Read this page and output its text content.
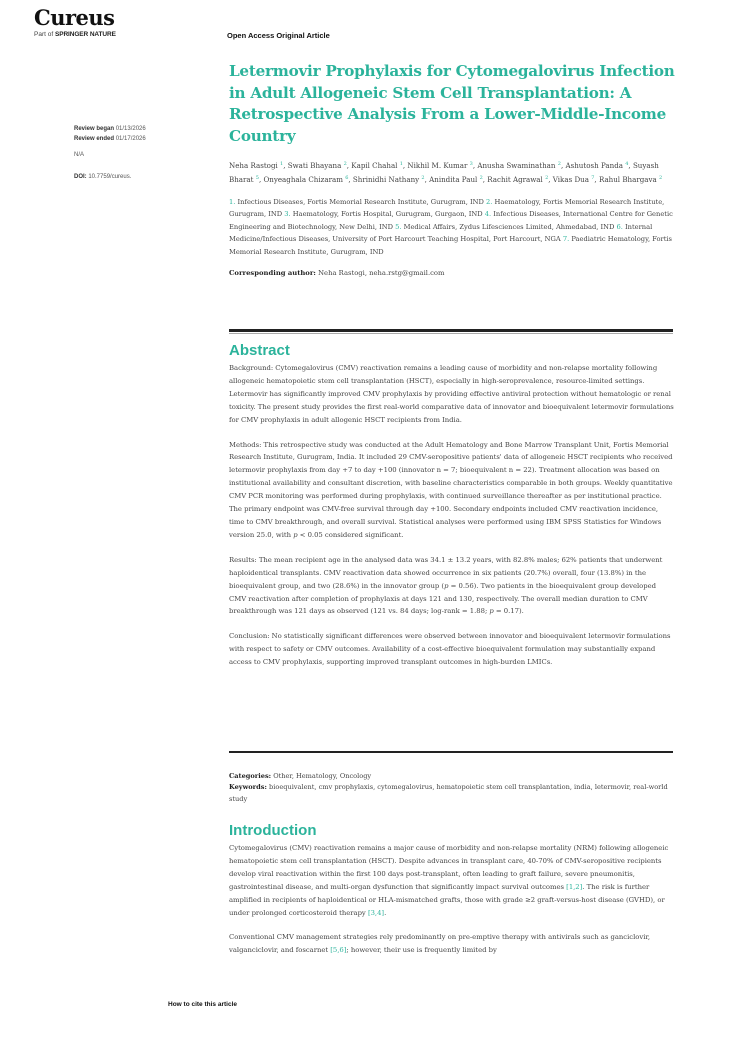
Cureus
Part of SPRINGER NATURE	Open Access Original Article
Review began 01/13/2026
Review ended 01/17/2026
N/A
DOI: 10.7759/cureus.
Letermovir Prophylaxis for Cytomegalovirus Infection in Adult Allogeneic Stem Cell Transplantation: A Retrospective Analysis From a Lower-Middle-Income Country
Neha Rastogi $^1$, Swati Bhayana $^2$, Kapil Chahal $^1$, Nikhil M. Kumar $^3$, Anusha Swaminathan $^2$, Ashutosh Panda $^4$, Suyash Bharat $^5$, Onyeaghala Chizaram $^6$, Shrinidhi Nathany $^2$, Anindita Paul $^2$, Rachit Agrawal $^2$, Vikas Dua $^7$, Rahul Bhargava $^2$
1. Infectious Diseases, Fortis Memorial Research Institute, Gurugram, IND 2. Haematology, Fortis Memorial Research Institute, Gurugram, IND 3. Haematology, Fortis Hospital, Gurugram, Gurgaon, IND 4. Infectious Diseases, International Centre for Genetic Engineering and Biotechnology, New Delhi, IND 5. Medical Affairs, Zydus Lifesciences Limited, Ahmedabad, IND 6. Internal Medicine/Infectious Diseases, University of Port Harcourt Teaching Hospital, Port Harcourt, NGA 7. Paediatric Hematology, Fortis Memorial Research Institute, Gurugram, IND
Corresponding author: Neha Rastogi, neha.rstg@gmail.com
Abstract

Background: Cytomegalovirus (CMV) reactivation remains a leading cause of morbidity and non-relapse mortality following allogeneic hematopoietic stem cell transplantation (HSCT), especially in high-seroprevalence, resource-limited settings. Letermovir has significantly improved CMV prophylaxis by providing effective antiviral protection without hematologic or renal toxicity. The present study provides the first real-world comparative data of innovator and bioequivalent letermovir formulations for CMV prophylaxis in adult allogenic HSCT recipients from India.

Methods: This retrospective study was conducted at the Adult Hematology and Bone Marrow Transplant Unit, Fortis Memorial Research Institute, Gurugram, India. It included 29 CMV-seropositive patients' data of allogeneic HSCT recipients who received letermovir prophylaxis from day +7 to day +100 (innovator n = 7; bioequivalent n = 22). Treatment allocation was based on institutional availability and consultant discretion, with baseline characteristics comparable in both groups. Weekly quantitative CMV PCR monitoring was performed during prophylaxis, with continued surveillance thereafter as per institutional practice. The primary endpoint was CMV-free survival through day +100. Secondary endpoints included CMV reactivation incidence, time to CMV breakthrough, and overall survival. Statistical analyses were performed using IBM SPSS Statistics for Windows version 25.0, with p < 0.05 considered significant.

Results: The mean recipient age in the analysed data was 34.1 ± 13.2 years, with 82.8% males; 62% patients that underwent haploidentical transplants. CMV reactivation data showed occurrence in six patients (20.7%) overall, four (13.8%) in the bioequivalent group, and two (28.6%) in the innovator group (p = 0.56). Two patients in the bioequivalent group developed CMV reactivation after completion of prophylaxis at days 121 and 130, respectively. The overall median duration to CMV breakthrough was 121 days as observed (121 vs. 84 days; log-rank = 1.88; p = 0.17).

Conclusion: No statistically significant differences were observed between innovator and bioequivalent letermovir formulations with respect to safety or CMV outcomes. Availability of a cost-effective bioequivalent formulation may substantially expand access to CMV prophylaxis, supporting improved transplant outcomes in high-burden LMICs.

Categories: Other, Hematology, Oncology
Keywords: bioequivalent, cmv prophylaxis, cytomegalovirus, hematopoietic stem cell transplantation, india, letermovir, real-world study
Introduction

Cytomegalovirus (CMV) reactivation remains a major cause of morbidity and non-relapse mortality (NRM) following allogeneic hematopoietic stem cell transplantation (HSCT). Despite advances in transplant care, 40-70% of CMV-seropositive recipients develop viral reactivation within the first 100 days post-transplant, often leading to graft failure, severe pneumonitis, gastrointestinal disease, and multi-organ dysfunction that significantly impact survival outcomes [1,2]. The risk is further amplified in recipients of haploidentical or HLA-mismatched grafts, those with grade ≥2 graft-versus-host disease (GVHD), or under prolonged corticosteroid therapy [3,4].

Conventional CMV management strategies rely predominantly on pre-emptive therapy with antivirals such as ganciclovir, valganciclovir, and foscarnet [5,6]; however, their use is frequently limited by

How to cite this article
